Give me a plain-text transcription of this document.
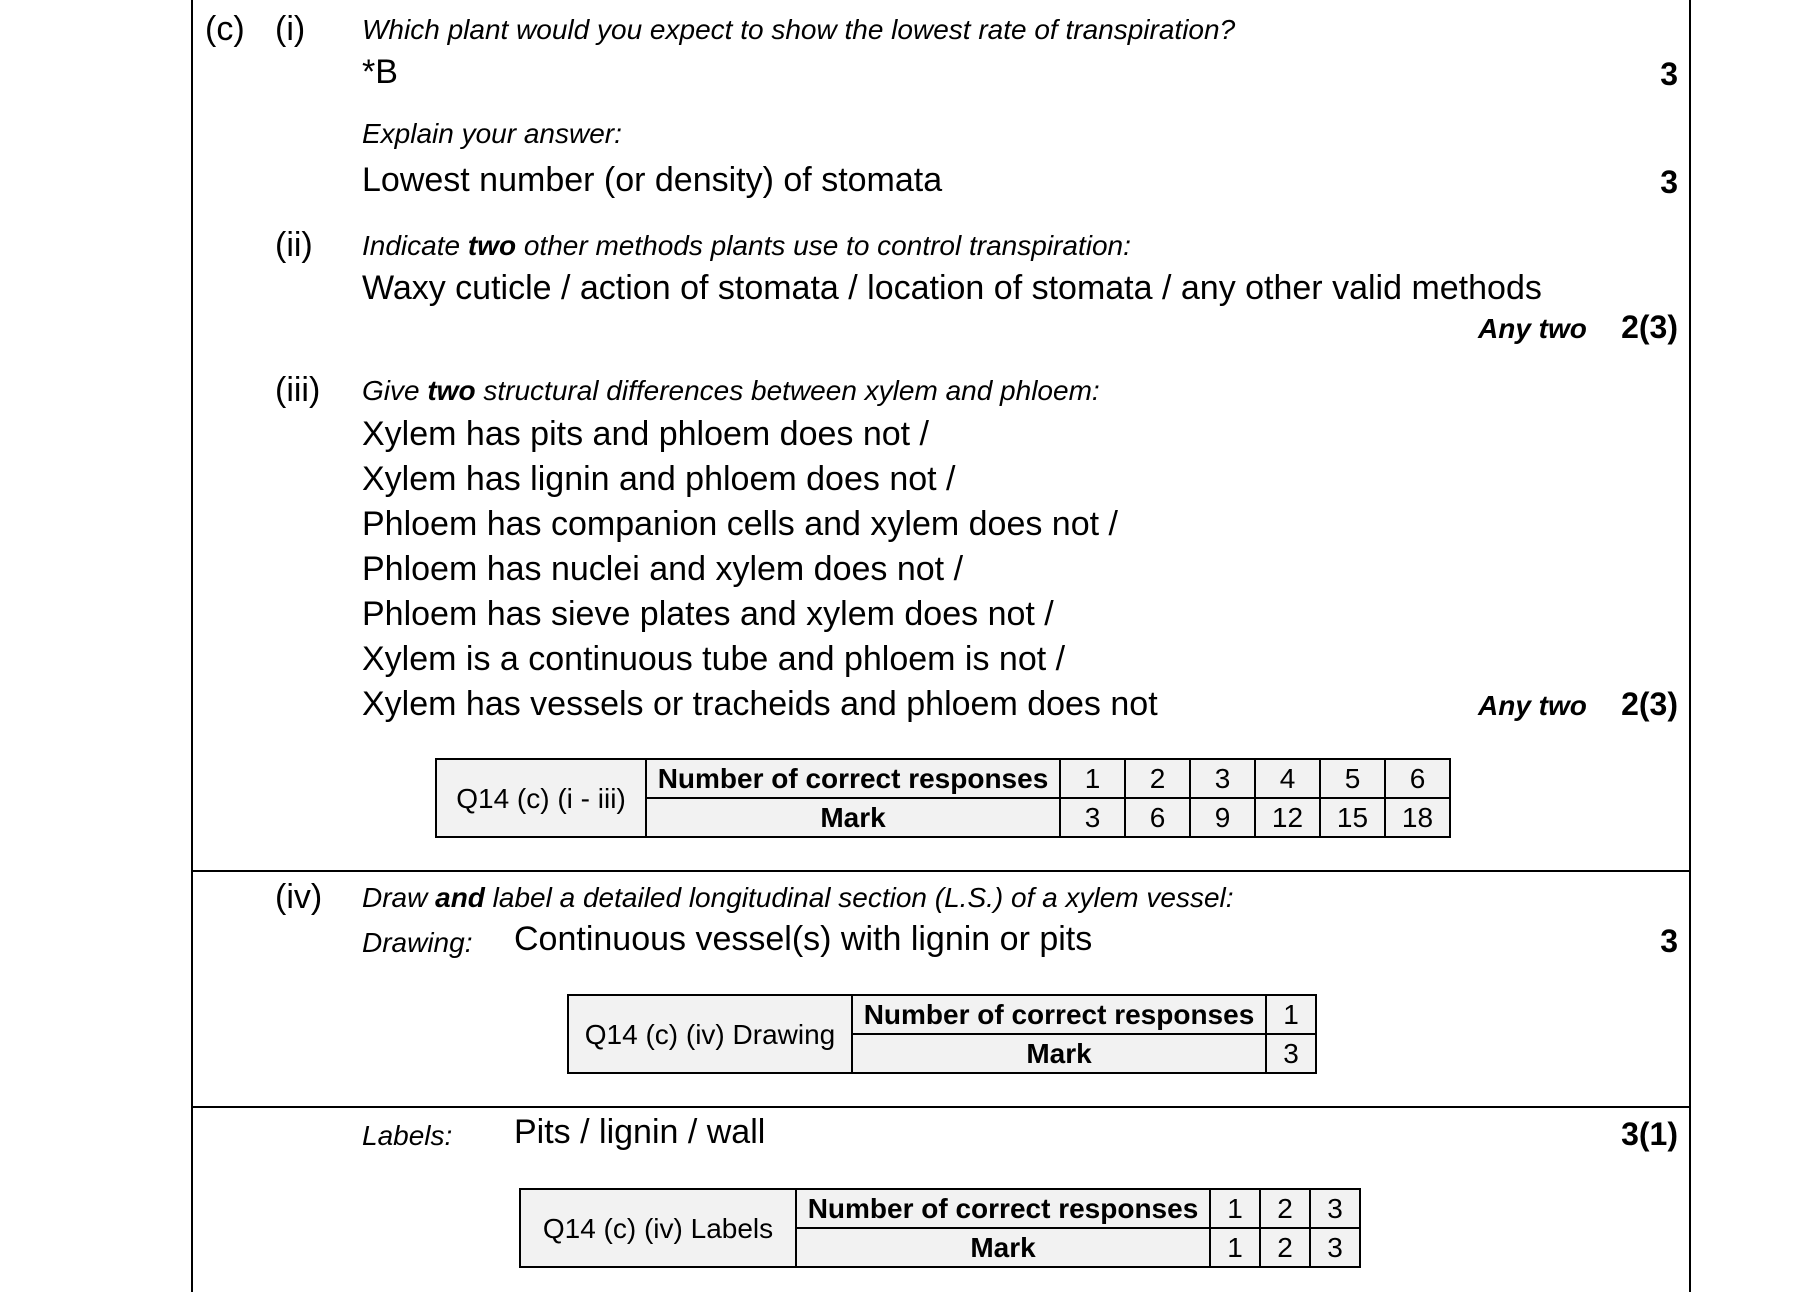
(c) (i) Which plant would you expect to show the lowest rate of transpiration?
*B	3
Explain your answer:
Lowest number (or density) of stomata	3
(ii) Indicate two other methods plants use to control transpiration:
Waxy cuticle / action of stomata / location of stomata / any other valid methods
Any two 2(3)
(iii) Give two structural differences between xylem and phloem:
Xylem has pits and phloem does not /
Xylem has lignin and phloem does not /
Phloem has companion cells and xylem does not /
Phloem has nuclei and xylem does not /
Phloem has sieve plates and xylem does not /
Xylem is a continuous tube and phloem is not /
Xylem has vessels or tracheids and phloem does not	Any two 2(3)
Q14 (c) (i - iii)	Number of correct responses	1	2	3	4	5	6
	Mark	3	6	9	12	15	18
(iv) Draw and label a detailed longitudinal section (L.S.) of a xylem vessel:
Drawing: Continuous vessel(s) with lignin or pits	3
Q14 (c) (iv) Drawing	Number of correct responses	1
	Mark	3
Labels: Pits / lignin / wall	3(1)
Q14 (c) (iv) Labels	Number of correct responses	1	2	3
	Mark	1	2	3
